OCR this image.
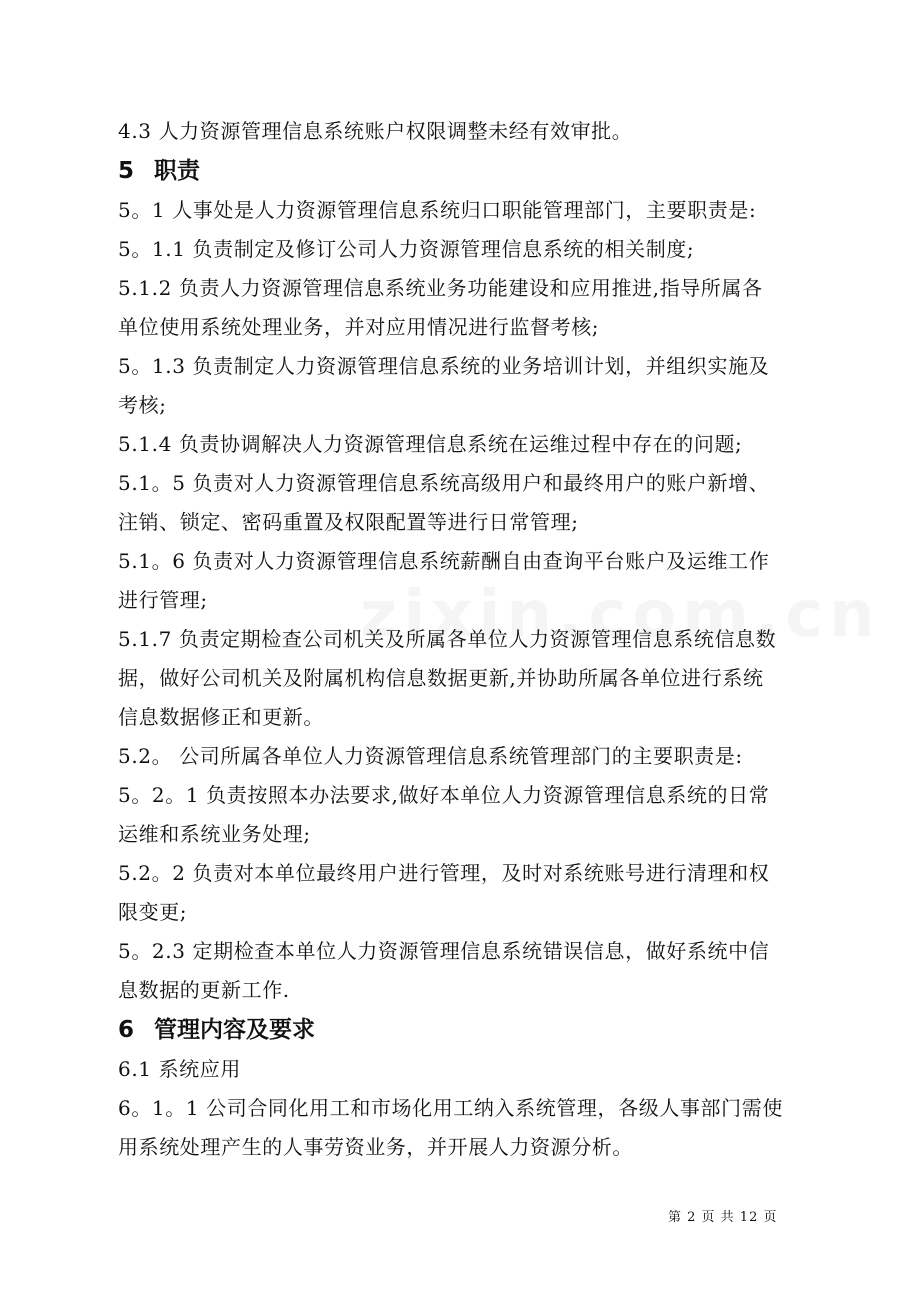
4.3 人力资源管理信息系统账户权限调整未经有效审批。
5 职责
5。1 人事处是人力资源管理信息系统归口职能管理部门，主要职责是:
5。1.1 负责制定及修订公司人力资源管理信息系统的相关制度;
5.1.2 负责人力资源管理信息系统业务功能建设和应用推进,指导所属各
单位使用系统处理业务，并对应用情况进行监督考核;
5。1.3 负责制定人力资源管理信息系统的业务培训计划，并组织实施及
考核;
5.1.4 负责协调解决人力资源管理信息系统在运维过程中存在的问题;
5.1。5 负责对人力资源管理信息系统高级用户和最终用户的账户新增、
注销、锁定、密码重置及权限配置等进行日常管理;
5.1。6 负责对人力资源管理信息系统薪酬自由查询平台账户及运维工作
进行管理;
5.1.7 负责定期检查公司机关及所属各单位人力资源管理信息系统信息数
据，做好公司机关及附属机构信息数据更新,并协助所属各单位进行系统
信息数据修正和更新。
5.2。 公司所属各单位人力资源管理信息系统管理部门的主要职责是:
5。2。1 负责按照本办法要求,做好本单位人力资源管理信息系统的日常
运维和系统业务处理;
5.2。2 负责对本单位最终用户进行管理，及时对系统账号进行清理和权
限变更;
5。2.3 定期检查本单位人力资源管理信息系统错误信息，做好系统中信
息数据的更新工作.
6 管理内容及要求
6.1 系统应用
6。1。1 公司合同化用工和市场化用工纳入系统管理，各级人事部门需使
用系统处理产生的人事劳资业务，并开展人力资源分析。
第 2 页 共 12 页
